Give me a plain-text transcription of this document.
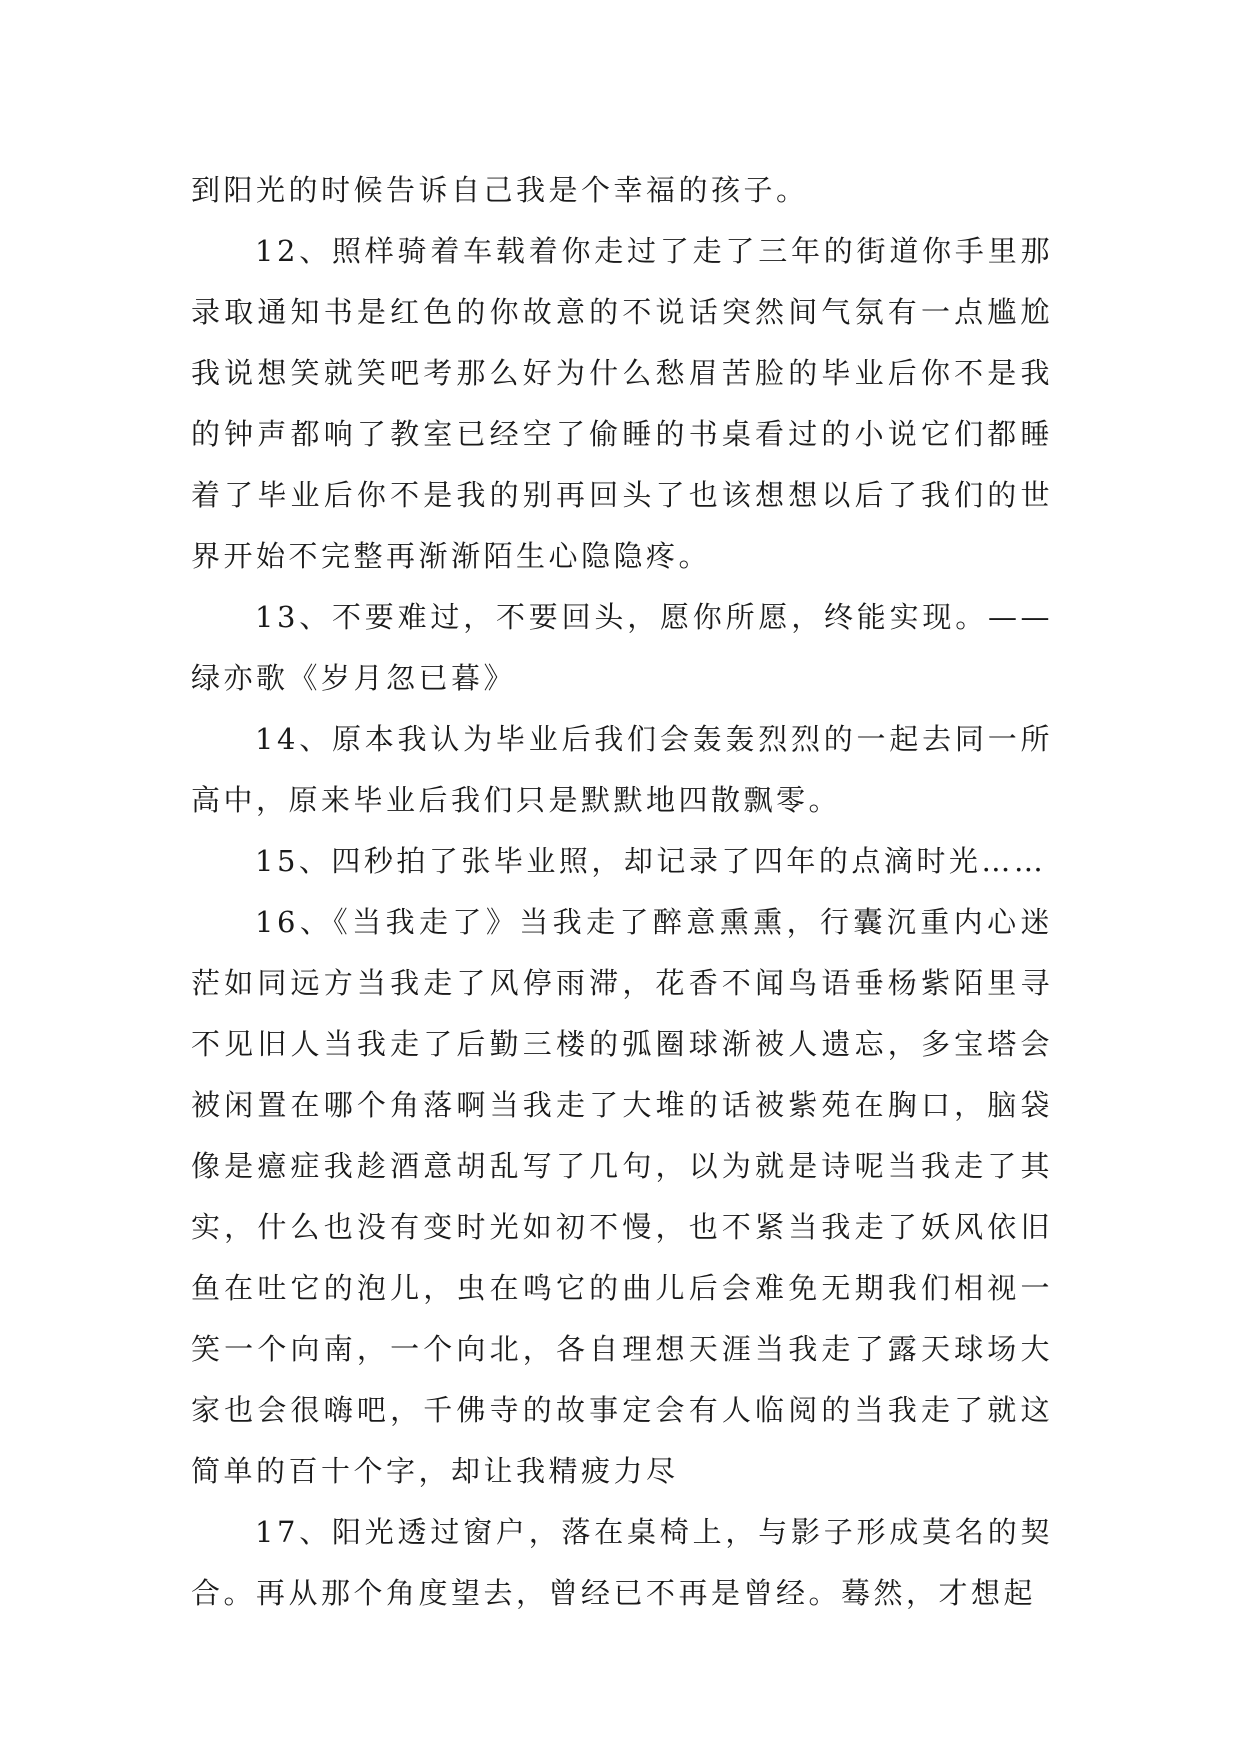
到阳光的时候告诉自己我是个幸福的孩子。

12、照样骑着车载着你走过了走了三年的街道你手里那录取通知书是红色的你故意的不说话突然间气氛有一点尴尬我说想笑就笑吧考那么好为什么愁眉苦脸的毕业后你不是我的钟声都响了教室已经空了偷睡的书桌看过的小说它们都睡着了毕业后你不是我的别再回头了也该想想以后了我们的世界开始不完整再渐渐陌生心隐隐疼。

13、不要难过，不要回头，愿你所愿，终能实现。——绿亦歌《岁月忽已暮》

14、原本我认为毕业后我们会轰轰烈烈的一起去同一所高中，原来毕业后我们只是默默地四散飘零。

15、四秒拍了张毕业照，却记录了四年的点滴时光……

16、《当我走了》当我走了醉意熏熏，行囊沉重内心迷茫如同远方当我走了风停雨滞，花香不闻鸟语垂杨紫陌里寻不见旧人当我走了后勤三楼的弧圈球渐被人遗忘，多宝塔会被闲置在哪个角落啊当我走了大堆的话被紫苑在胸口，脑袋像是癔症我趁酒意胡乱写了几句，以为就是诗呢当我走了其实，什么也没有变时光如初不慢，也不紧当我走了妖风依旧鱼在吐它的泡儿，虫在鸣它的曲儿后会难免无期我们相视一笑一个向南，一个向北，各自理想天涯当我走了露天球场大家也会很嗨吧，千佛寺的故事定会有人临阅的当我走了就这简单的百十个字，却让我精疲力尽

17、阳光透过窗户，落在桌椅上，与影子形成莫名的契合。再从那个角度望去，曾经已不再是曾经。蓦然，才想起
